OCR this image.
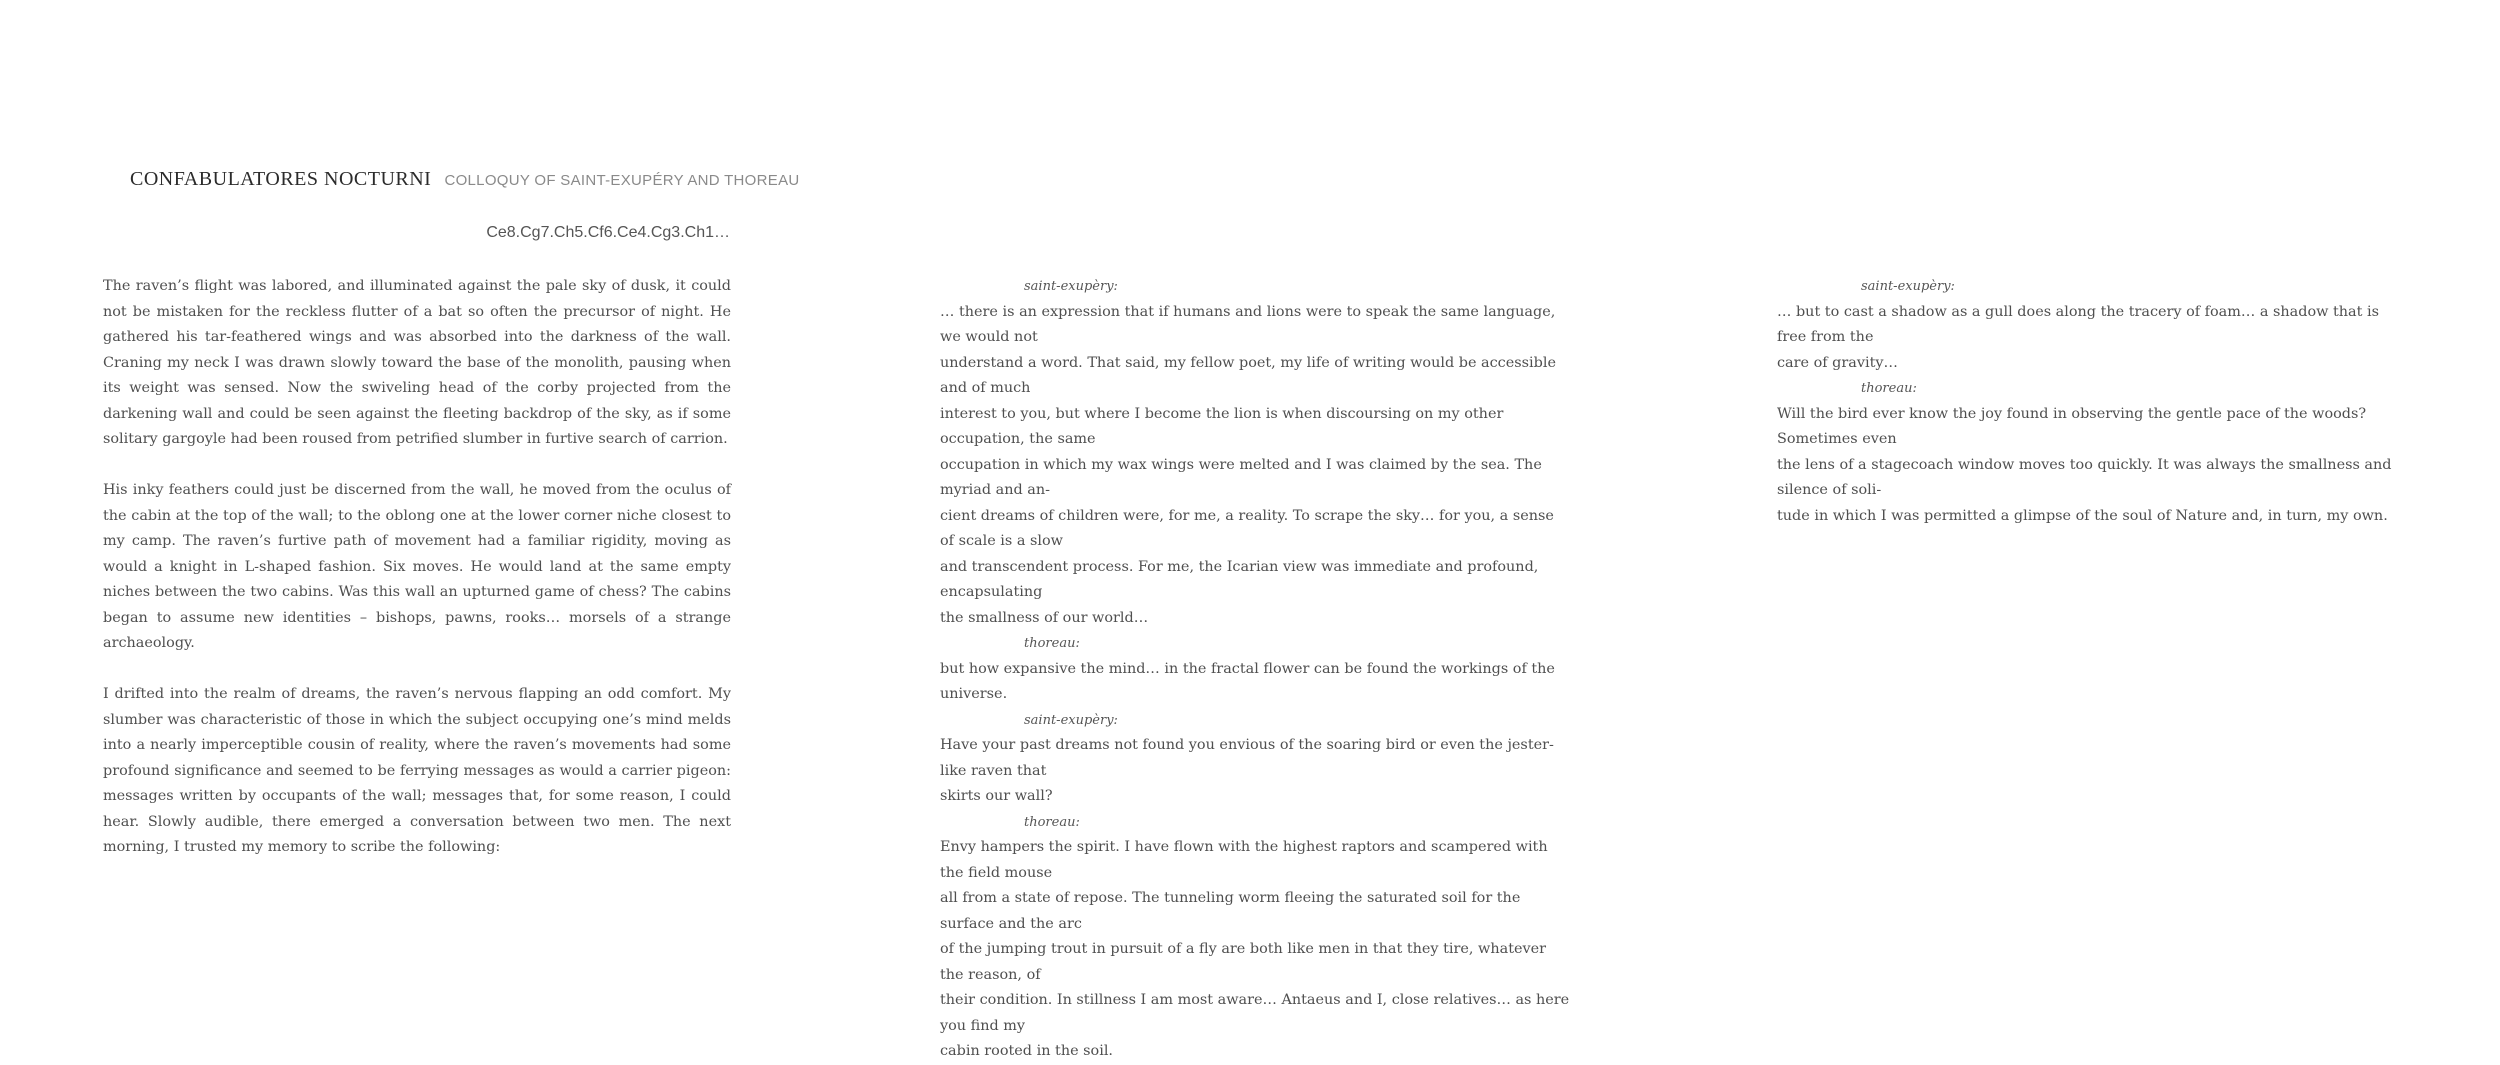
CONFABULATORES NOCTURNI COLLOQUY OF SAINT-EXUPÉRY AND THOREAU
Ce8.Cg7.Ch5.Cf6.Ce4.Cg3.Ch1…

The raven’s flight was labored, and illuminated against the pale sky of dusk, it could not be mistaken for the reckless flutter of a bat so often the precursor of night. He gathered his tar-feathered wings and was absorbed into the darkness of the wall. Craning my neck I was drawn slowly toward the base of the monolith, pausing when its weight was sensed. Now the swiveling head of the corby projected from the darkening wall and could be seen against the fleeting backdrop of the sky, as if some solitary gargoyle had been roused from petrified slumber in furtive search of carrion.

His inky feathers could just be discerned from the wall, he moved from the oculus of the cabin at the top of the wall; to the oblong one at the lower corner niche closest to my camp. The raven’s furtive path of movement had a familiar rigidity, moving as would a knight in L-shaped fashion. Six moves. He would land at the same empty niches between the two cabins. Was this wall an upturned game of chess? The cabins began to assume new identities – bishops, pawns, rooks… morsels of a strange archaeology.

I drifted into the realm of dreams, the raven’s nervous flapping an odd comfort. My slumber was characteristic of those in which the subject occupying one’s mind melds into a nearly imperceptible cousin of reality, where the raven’s movements had some profound significance and seemed to be ferrying messages as would a carrier pigeon: messages written by occupants of the wall; messages that, for some reason, I could hear. Slowly audible, there emerged a conversation between two men. The next morning, I trusted my memory to scribe the following:

saint-exupèry:
… there is an expression that if humans and lions were to speak the same language, we would not
understand a word. That said, my fellow poet, my life of writing would be accessible and of much
interest to you, but where I become the lion is when discoursing on my other occupation, the same
occupation in which my wax wings were melted and I was claimed by the sea. The myriad and an-
cient dreams of children were, for me, a reality. To scrape the sky… for you, a sense of scale is a slow
and transcendent process. For me, the Icarian view was immediate and profound, encapsulating
the smallness of our world…
thoreau:
but how expansive the mind… in the fractal flower can be found the workings of the universe.
saint-exupèry:
Have your past dreams not found you envious of the soaring bird or even the jester-like raven that
skirts our wall?
thoreau:
Envy hampers the spirit. I have flown with the highest raptors and scampered with the field mouse
all from a state of repose. The tunneling worm fleeing the saturated soil for the surface and the arc
of the jumping trout in pursuit of a fly are both like men in that they tire, whatever the reason, of
their condition. In stillness I am most aware… Antaeus and I, close relatives… as here you find my
cabin rooted in the soil.
saint-exupèry:
… but to cast a shadow as a gull does along the tracery of foam… a shadow that is free from the
care of gravity…
thoreau:
Will the bird ever know the joy found in observing the gentle pace of the woods? Sometimes even
the lens of a stagecoach window moves too quickly. It was always the smallness and silence of soli-
tude in which I was permitted a glimpse of the soul of Nature and, in turn, my own.
